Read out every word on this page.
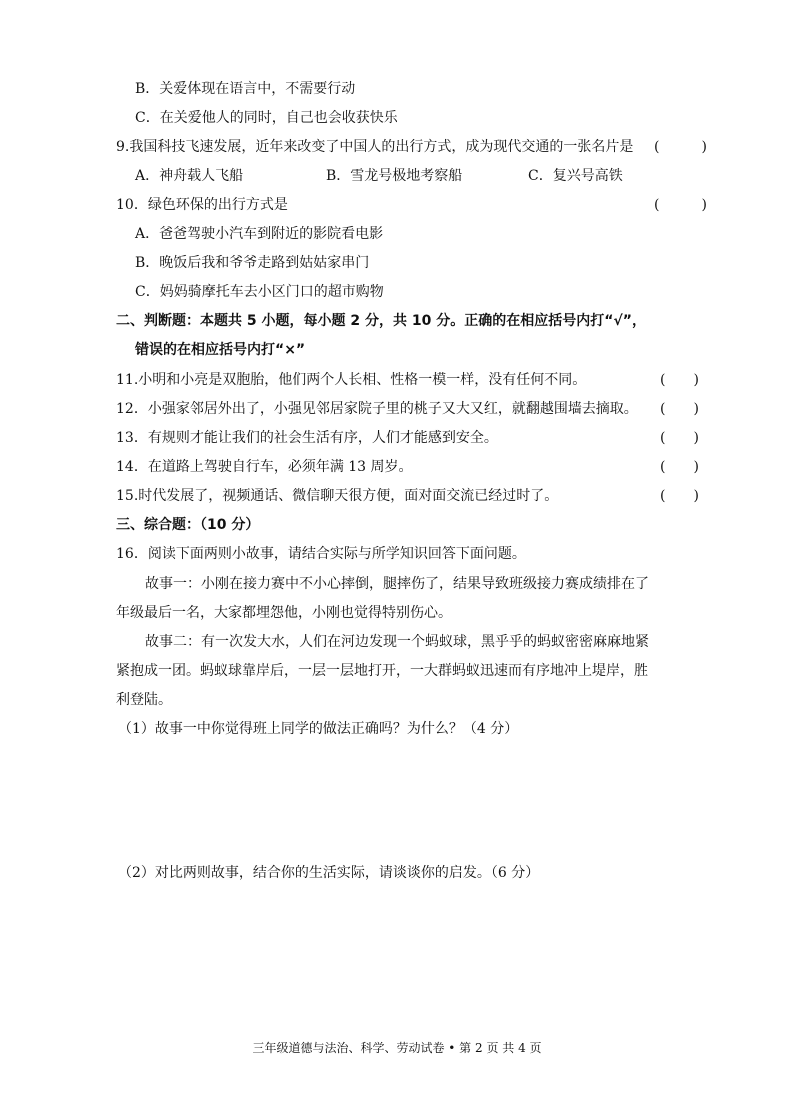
B．关爱体现在语言中，不需要行动
C．在关爱他人的同时，自己也会收获快乐
9.我国科技飞速发展，近年来改变了中国人的出行方式，成为现代交通的一张名片是 (　　　)
A．神舟载人飞船	B．雪龙号极地考察船	C．复兴号高铁
10．绿色环保的出行方式是	(　　　)
A．爸爸驾驶小汽车到附近的影院看电影
B．晚饭后我和爷爷走路到姑姑家串门
C．妈妈骑摩托车去小区门口的超市购物
二、判断题：本题共 5 小题，每小题 2 分，共 10 分。正确的在相应括号内打“√”，
错误的在相应括号内打“×”
11.小明和小亮是双胞胎，他们两个人长相、性格一模一样，没有任何不同。	(　　)
12．小强家邻居外出了，小强见邻居家院子里的桃子又大又红，就翻越围墙去摘取。 (　　)
13．有规则才能让我们的社会生活有序，人们才能感到安全。	(　　)
14．在道路上驾驶自行车，必须年满 13 周岁。	(　　)
15.时代发展了，视频通话、微信聊天很方便，面对面交流已经过时了。	(　　)
三、综合题：（10 分）
16．阅读下面两则小故事，请结合实际与所学知识回答下面问题。
故事一：小刚在接力赛中不小心摔倒，腿摔伤了，结果导致班级接力赛成绩排在了
年级最后一名，大家都埋怨他，小刚也觉得特别伤心。
故事二：有一次发大水，人们在河边发现一个蚂蚁球，黑乎乎的蚂蚁密密麻麻地紧
紧抱成一团。蚂蚁球靠岸后，一层一层地打开，一大群蚂蚁迅速而有序地冲上堤岸，胜
利登陆。
（1）故事一中你觉得班上同学的做法正确吗？为什么？（4 分）
（2）对比两则故事，结合你的生活实际，请谈谈你的启发。（6 分）
三年级道德与法治、科学、劳动试卷 • 第 2 页 共 4 页
